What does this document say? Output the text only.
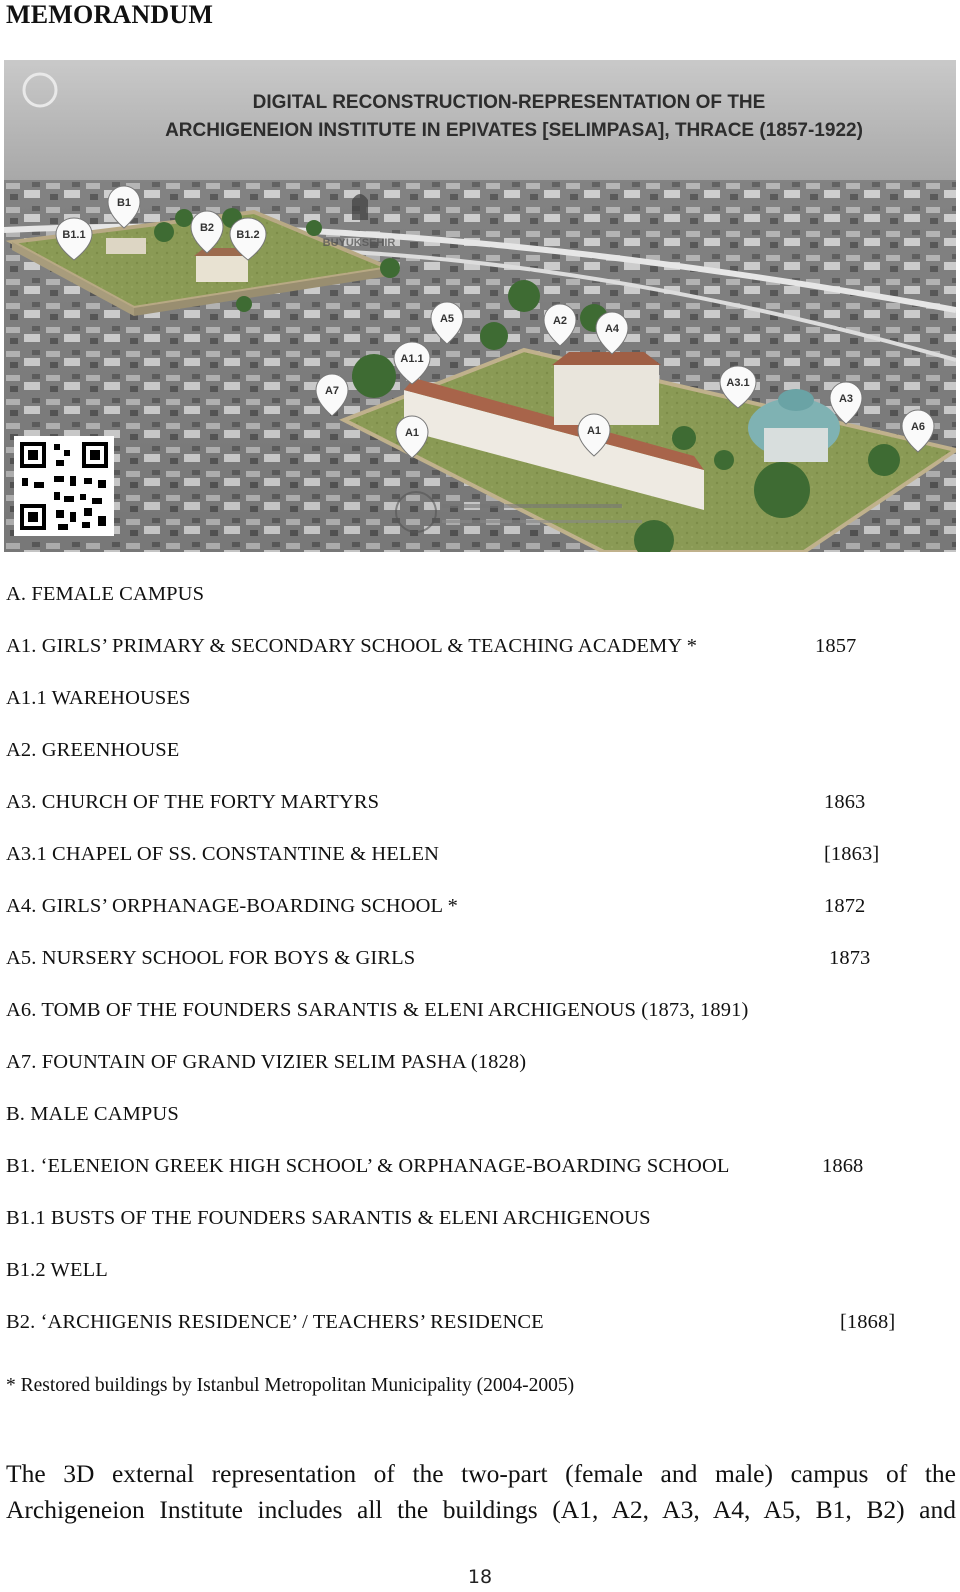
MEMORANDUM
DIGITAL RECONSTRUCTION-REPRESENTATION OF THE
ARCHIGENEION INSTITUTE IN EPIVATES [SELIMPASA], THRACE (1857-1922)
B1
B1.1
B2
B1.2
A5	A2
A4
A1.1
A7
A3.1
A3
A6
A1	A1
BUYUKSEHIR
A. FEMALE CAMPUS
A1. GIRLS’ PRIMARY & SECONDARY SCHOOL & TEACHING ACADEMY *	1857
A1.1 WAREHOUSES
A2. GREENHOUSE
A3. CHURCH OF THE FORTY MARTYRS	1863
A3.1 CHAPEL OF SS. CONSTANTINE & HELEN	[1863]
A4. GIRLS’ ORPHANAGE-BOARDING SCHOOL *	1872
A5. NURSERY SCHOOL FOR BOYS & GIRLS	1873
A6. TOMB OF THE FOUNDERS SARANTIS & ELENI ARCHIGENOUS (1873, 1891)
A7. FOUNTAIN OF GRAND VIZIER SELIM PASHA (1828)
B. MALE CAMPUS
B1. ‘ELENEION GREEK HIGH SCHOOL’ & ORPHANAGE-BOARDING SCHOOL	1868
B1.1 BUSTS OF THE FOUNDERS SARANTIS & ELENI ARCHIGENOUS
B1.2 WELL
B2. ‘ARCHIGENIS RESIDENCE’ / TEACHERS’ RESIDENCE	[1868]
* Restored buildings by Istanbul Metropolitan Municipality (2004-2005)
The 3D external representation of the two-part (female and male) campus of the Archigeneion Institute includes all the buildings (A1, A2, A3, A4, A5, B1, B2) and
18
